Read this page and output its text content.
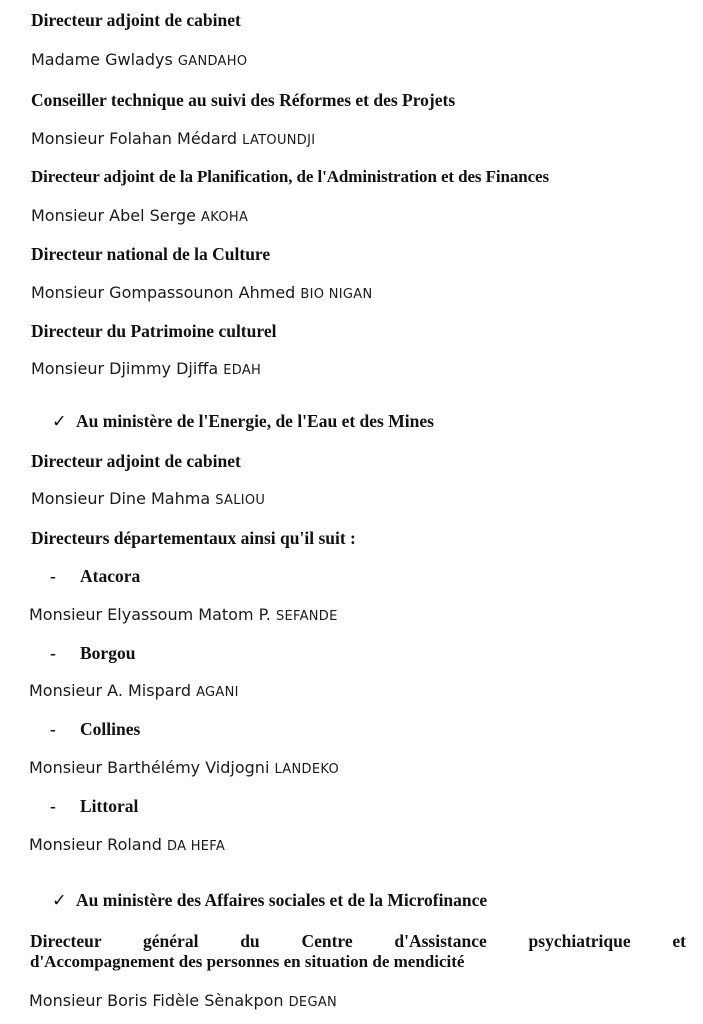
Directeur adjoint de cabinet
Madame Gwladys GANDAHO
Conseiller technique au suivi des Réformes et des Projets
Monsieur Folahan Médard LATOUNDJI
Directeur adjoint de la Planification, de l'Administration et des Finances
Monsieur Abel Serge AKOHA
Directeur national de la Culture
Monsieur Gompassounon Ahmed BIO NIGAN
Directeur du Patrimoine culturel
Monsieur Djimmy Djiffa EDAH
✓ Au ministère de l'Energie, de l'Eau et des Mines
Directeur adjoint de cabinet
Monsieur Dine Mahma SALIOU
Directeurs départementaux ainsi qu'il suit :
- Atacora
Monsieur Elyassoum Matom P. SEFANDE
- Borgou
Monsieur A. Mispard AGANI
- Collines
Monsieur Barthélémy Vidjogni LANDEKO
- Littoral
Monsieur Roland DA HEFA
✓ Au ministère des Affaires sociales et de la Microfinance
Directeur général du Centre d'Assistance psychiatrique et
d'Accompagnement des personnes en situation de mendicité
Monsieur Boris Fidèle Sènakpon DEGAN
